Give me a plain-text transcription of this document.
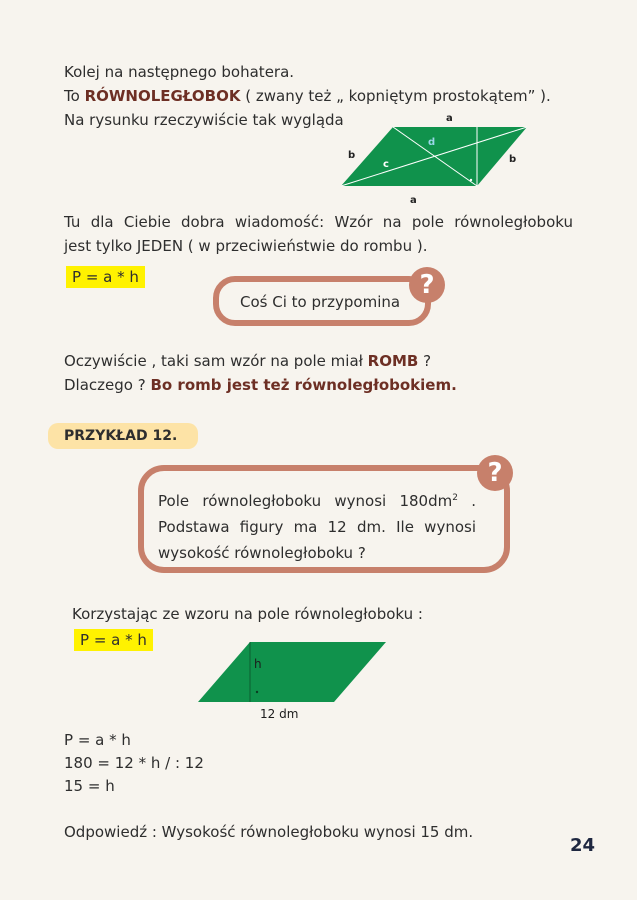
Kolej na następnego bohatera.
To RÓWNOLEGŁOBOK ( zwany też „ kopniętym prostokątem” ).
Na rysunku rzeczywiście tak wygląda	a
a
b	b
c
d
Tu dla Ciebie dobra wiadomość: Wzór na pole równoległoboku
jest tylko JEDEN ( w przeciwieństwie do rombu ).
P = a * h
Coś Ci to przypomina
?
Oczywiście , taki sam wzór na pole miał ROMB ?
Dlaczego ? Bo romb jest też równoległobokiem.
PRZYKŁAD 12.
Pole równoległoboku wynosi $180dm^2$ .
Podstawa figury ma 12 dm. Ile wynosi
wysokość równoległoboku ?
?
Korzystając ze wzoru na pole równoległoboku :
P = a * h
h
12 dm
P = a * h
180 = 12 * h / : 12
15 = h
Odpowiedź : Wysokość równoległoboku wynosi 15 dm.
24
